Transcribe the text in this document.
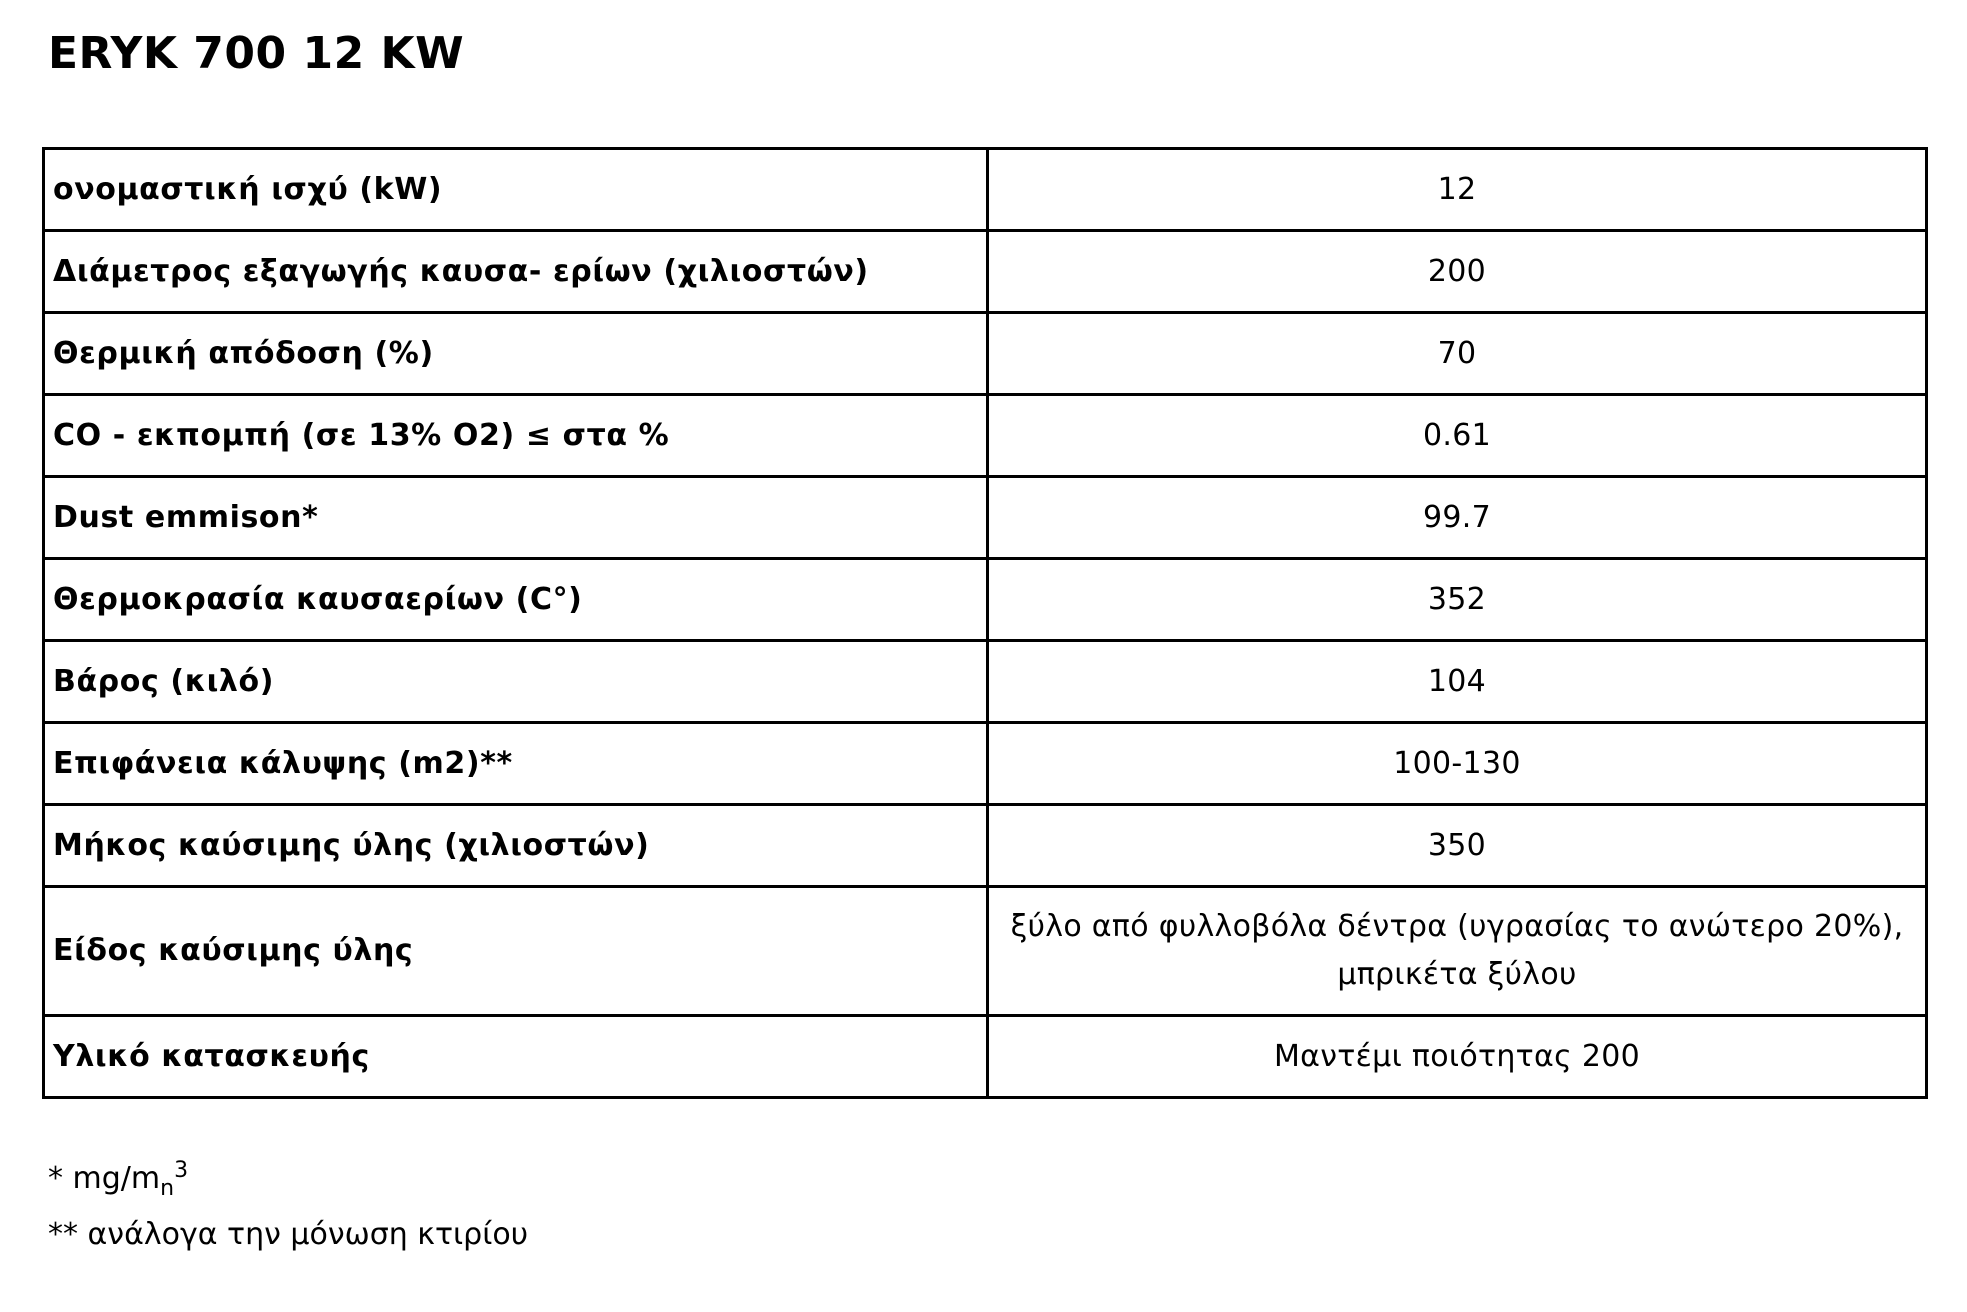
ERYK 700 12 KW
ονομαστική ισχύ (kW)	12
Διάμετρος εξαγωγής καυσα- ερίων (χιλιοστών)	200
Θερμική απόδοση (%)	70
CO - εκπομπή (σε 13% O2) ≤ στα %	0.61
Dust emmison*	99.7
Θερμοκρασία καυσαερίων (C°)	352
Βάρος (κιλό)	104
Επιφάνεια κάλυψης (m2)**	100-130
Μήκος καύσιμης ύλης (χιλιοστών)	350
Είδος καύσιμης ύλης	ξύλο από φυλλοβόλα δέντρα (υγρασίας το ανώτερο 20%),
μπρικέτα ξύλου

Υλικό κατασκευής	Μαντέμι ποιότητας 200
* $mg/m_n^3$
** ανάλογα την μόνωση κτιρίου
